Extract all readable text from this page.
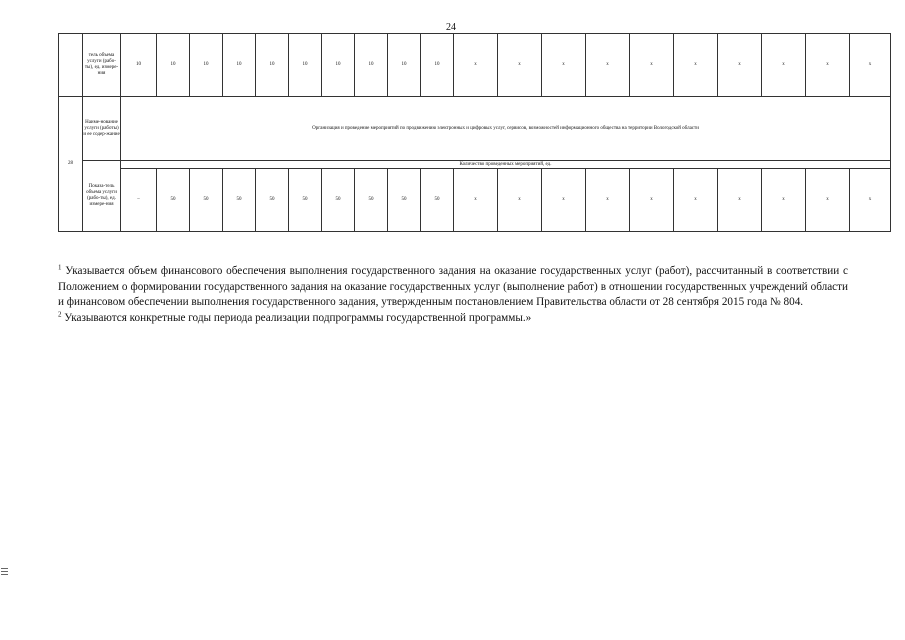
24
	тель объема услуги (рабо-ты), ед. измере-ния	10	10	10	10	10	10	10	10	10	10	х	х	х	х	х	х	х	х	х	х
28	Наиме-нование услуги (работы) и ее содер-жание	Организация и проведение мероприятий по продвижению электронных и цифровых услуг, сервисов, возможностей информационного общества на территории Вологодской области																			
	Показа-тель объема услуги (рабо-ты), ед. измере-ния	Количество проведенных мероприятий, ед.																			
		–	50	50	50	50	50	50	50	50	50	х	х	х	х	х	х	х	х	х	х

$^1$ Указывается объем финансового обеспечения выполнения государственного задания на оказание государственных услуг (работ), рассчитанный в соответствии с Положением о формировании государственного задания на оказание государственных услуг (выполнение работ) в отношении государственных учреждений области и финансовом обеспечении выполнения государственного задания, утвержденным постановлением Правительства области от 28 сентября 2015 года № 804.

$^2$ Указываются конкретные годы периода реализации подпрограммы государственной программы.»
